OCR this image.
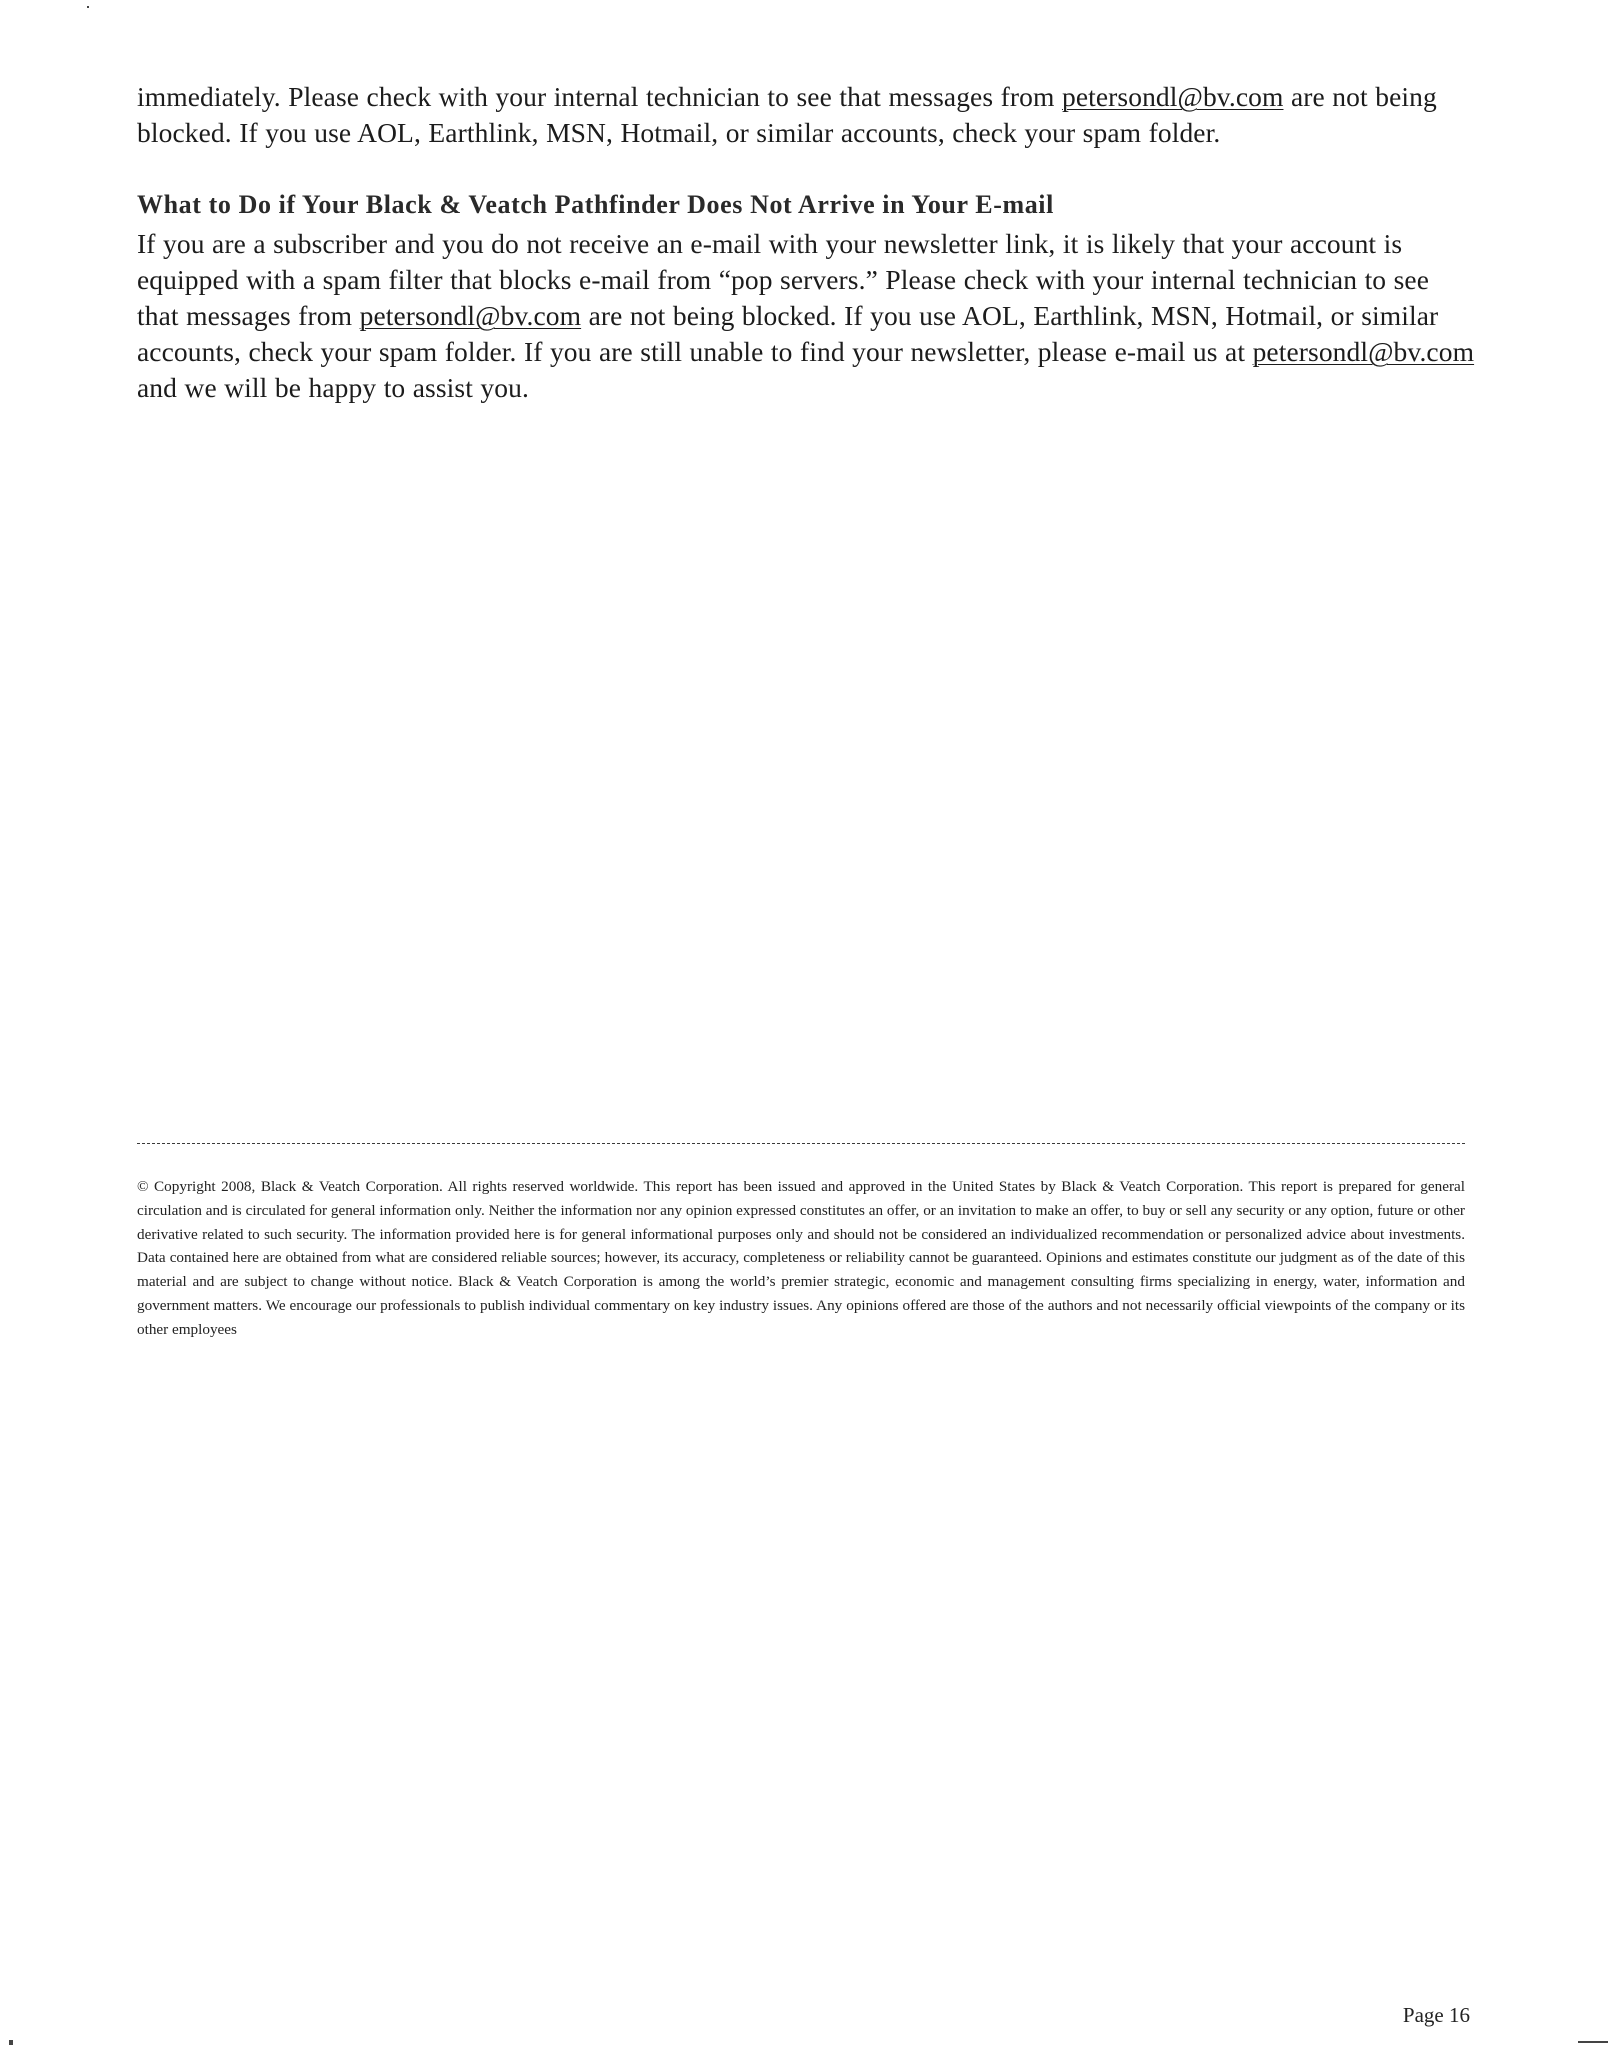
immediately. Please check with your internal technician to see that messages from petersondl@bv.com are not being blocked. If you use AOL, Earthlink, MSN, Hotmail, or similar accounts, check your spam folder.

What to Do if Your Black & Veatch Pathfinder Does Not Arrive in Your E-mail

If you are a subscriber and you do not receive an e-mail with your newsletter link, it is likely that your account is equipped with a spam filter that blocks e-mail from “pop servers.” Please check with your internal technician to see that messages from petersondl@bv.com are not being blocked. If you use AOL, Earthlink, MSN, Hotmail, or similar accounts, check your spam folder. If you are still unable to find your newsletter, please e-mail us at petersondl@bv.com and we will be happy to assist you.

© Copyright 2008, Black & Veatch Corporation. All rights reserved worldwide. This report has been issued and approved in the United States by Black & Veatch Corporation. This report is prepared for general circulation and is circulated for general information only. Neither the information nor any opinion expressed constitutes an offer, or an invitation to make an offer, to buy or sell any security or any option, future or other derivative related to such security. The information provided here is for general informational purposes only and should not be considered an individualized recommendation or personalized advice about investments. Data contained here are obtained from what are considered reliable sources; however, its accuracy, completeness or reliability cannot be guaranteed. Opinions and estimates constitute our judgment as of the date of this material and are subject to change without notice. Black & Veatch Corporation is among the world’s premier strategic, economic and management consulting firms specializing in energy, water, information and government matters. We encourage our professionals to publish individual commentary on key industry issues. Any opinions offered are those of the authors and not necessarily official viewpoints of the company or its other employees

Page 16
